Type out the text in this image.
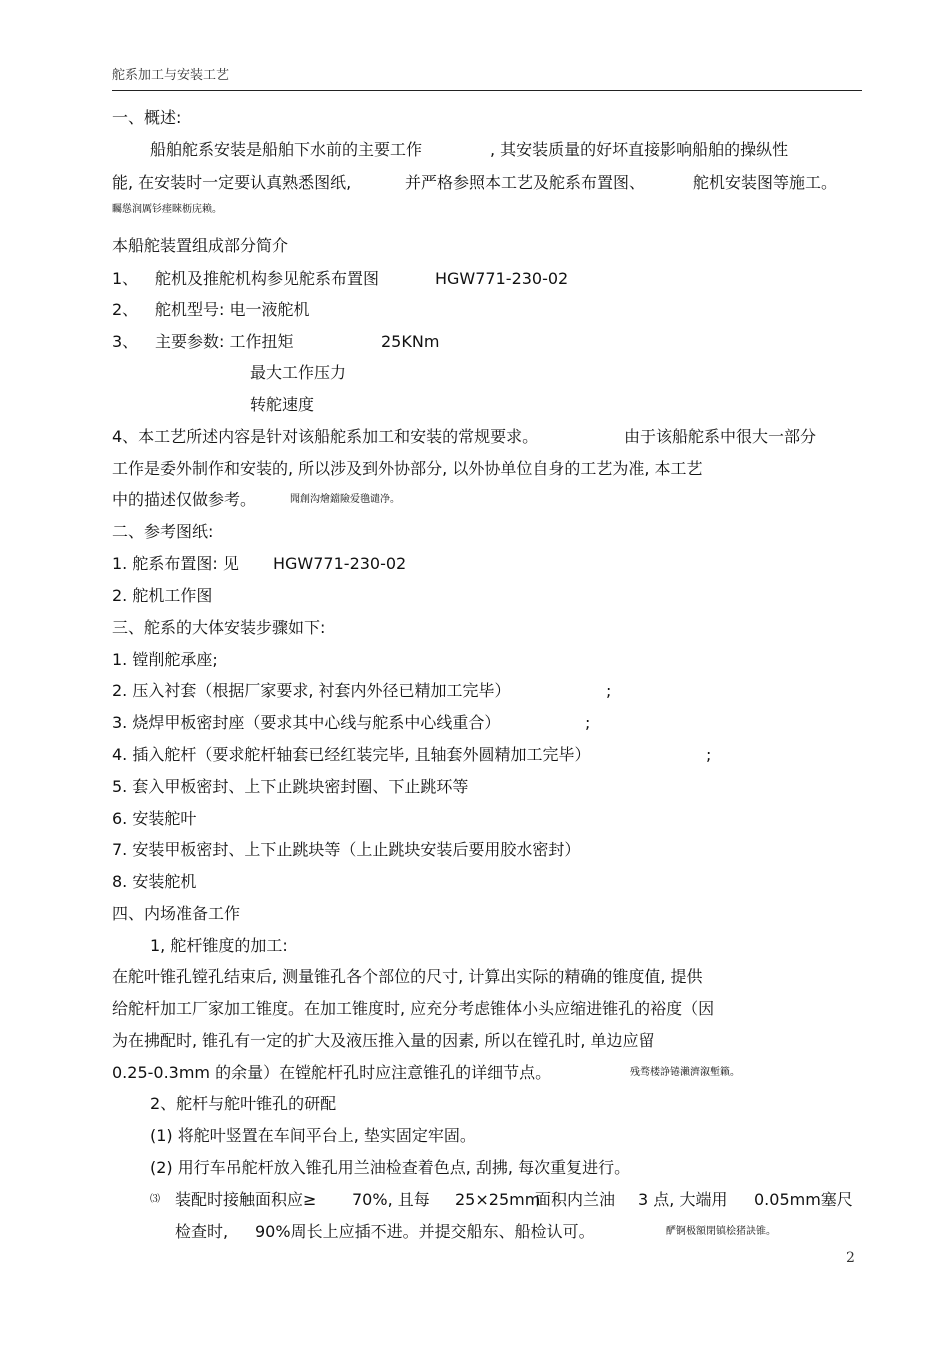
舵系加工与安装工艺
一、概述:
船舶舵系安装是船舶下水前的主要工作	, 其安装质量的好坏直接影响船舶的操纵性
能, 在安装时一定要认真熟悉图纸,	并严格参照本工艺及舵系布置图、	舵机安装图等施工。
矚慫润厲钐瘗睞枥庑赖。
本船舵装置组成部分简介
1、 舵机及推舵机构参见舵系布置图	HGW771-230-02
2、 舵机型号: 电一液舵机
3、 主要参数: 工作扭矩	25KNm
最大工作压力
转舵速度
4、本工艺所述内容是针对该船舵系加工和安装的常规要求。	由于该船舵系中很大一部分
工作是委外制作和安装的, 所以涉及到外协部分, 以外协单位自身的工艺为准, 本工艺
中的描述仅做参考。	聞創沟燴鐺險爱氇谴净。
二、参考图纸:
1. 舵系布置图: 见 HGW771-230-02
2. 舵机工作图
三、舵系的大体安装步骤如下:
1. 镗削舵承座;
2. 压入衬套（根据厂家要求, 衬套内外径已精加工完毕）	;
3. 烧焊甲板密封座（要求其中心线与舵系中心线重合）	;
4. 插入舵杆（要求舵杆轴套已经红装完毕, 且轴套外圆精加工完毕）	;
5. 套入甲板密封、上下止跳块密封圈、下止跳环等
6. 安装舵叶
7. 安装甲板密封、上下止跳块等（上止跳块安装后要用胶水密封）
8. 安装舵机
四、内场准备工作
1, 舵杆锥度的加工:
在舵叶锥孔镗孔结束后, 测量锥孔各个部位的尺寸, 计算出实际的精确的锥度值, 提供
给舵杆加工厂家加工锥度。在加工锥度时, 应充分考虑锥体小头应缩进锥孔的裕度（因
为在拂配时, 锥孔有一定的扩大及液压推入量的因素, 所以在镗孔时, 单边应留
0.25-0.3mm 的余量）在镗舵杆孔时应注意锥孔的详细节点。	残骛楼諍锩瀨濟溆塹籟。
2、舵杆与舵叶锥孔的研配
(1) 将舵叶竖置在车间平台上, 垫实固定牢固。
(2) 用行车吊舵杆放入锥孔用兰油检查着色点, 刮拂, 每次重复进行。
⑶ 装配时接触面积应≥ 70%, 且每 25×25mm
面积内兰油 3 点, 大端用 0.05mm塞尺
检查时, 90%周长上应插不进。并提交船东、船检认可。	酽锕极額閉镇桧猪訣锥。
2
